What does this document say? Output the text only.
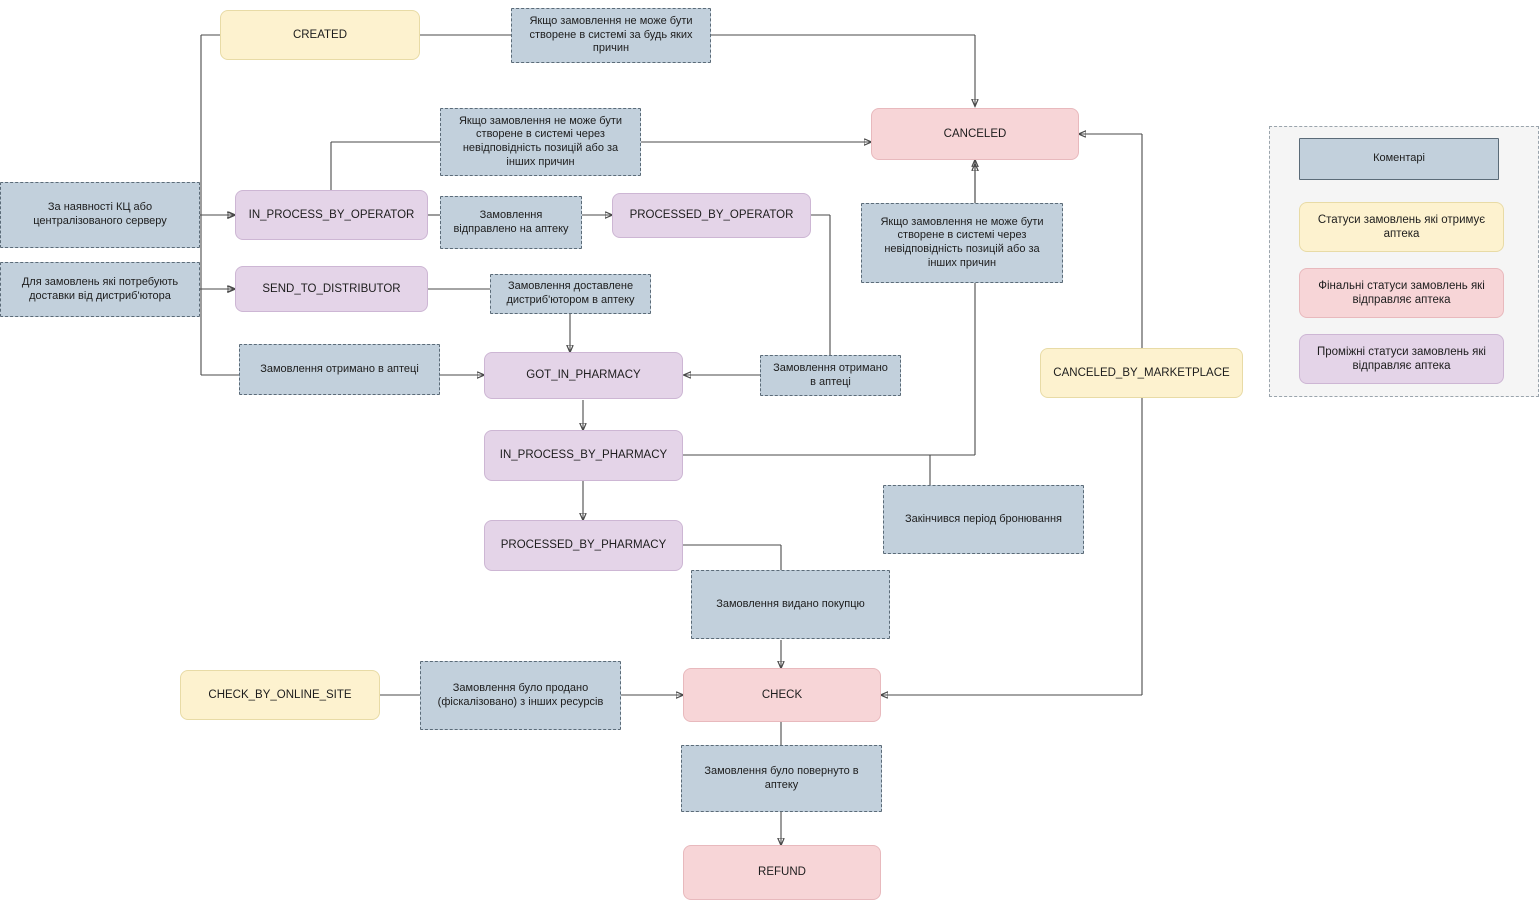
CREATED
Якщо замовлення не може бути створене в системі за будь яких причин
CANCELED
Якщо замовлення не може бути створене в системі через невідповідність позицій або за інших причин
За наявності КЦ або централізованого серверу
IN_PROCESS_BY_OPERATOR	Замовлення відправлено на аптеку
PROCESSED_BY_OPERATOR
Якщо замовлення не може бути створене в системі через невідповідність позицій або за інших причин
Для замовлень які потребують доставки від дистриб'ютора
SEND_TO_DISTRIBUTOR	Замовлення доставлене дистриб'ютором в аптеку
Замовлення отримано в аптеці
GOT_IN_PHARMACY
Замовлення отримано в аптеці
CANCELED_BY_MARKETPLACE
IN_PROCESS_BY_PHARMACY
PROCESSED_BY_PHARMACY
Закінчився період бронювання
Замовлення видано покупцю
CHECK_BY_ONLINE_SITE
Замовлення було продано (фіскалізовано) з інших ресурсів
CHECK
Замовлення було повернуто в аптеку
REFUND
Коментарі
Статуси замовлень які отримує аптека
Фінальні статуси замовлень які відправляє аптека
Проміжні статуси замовлень які відправляє аптека
